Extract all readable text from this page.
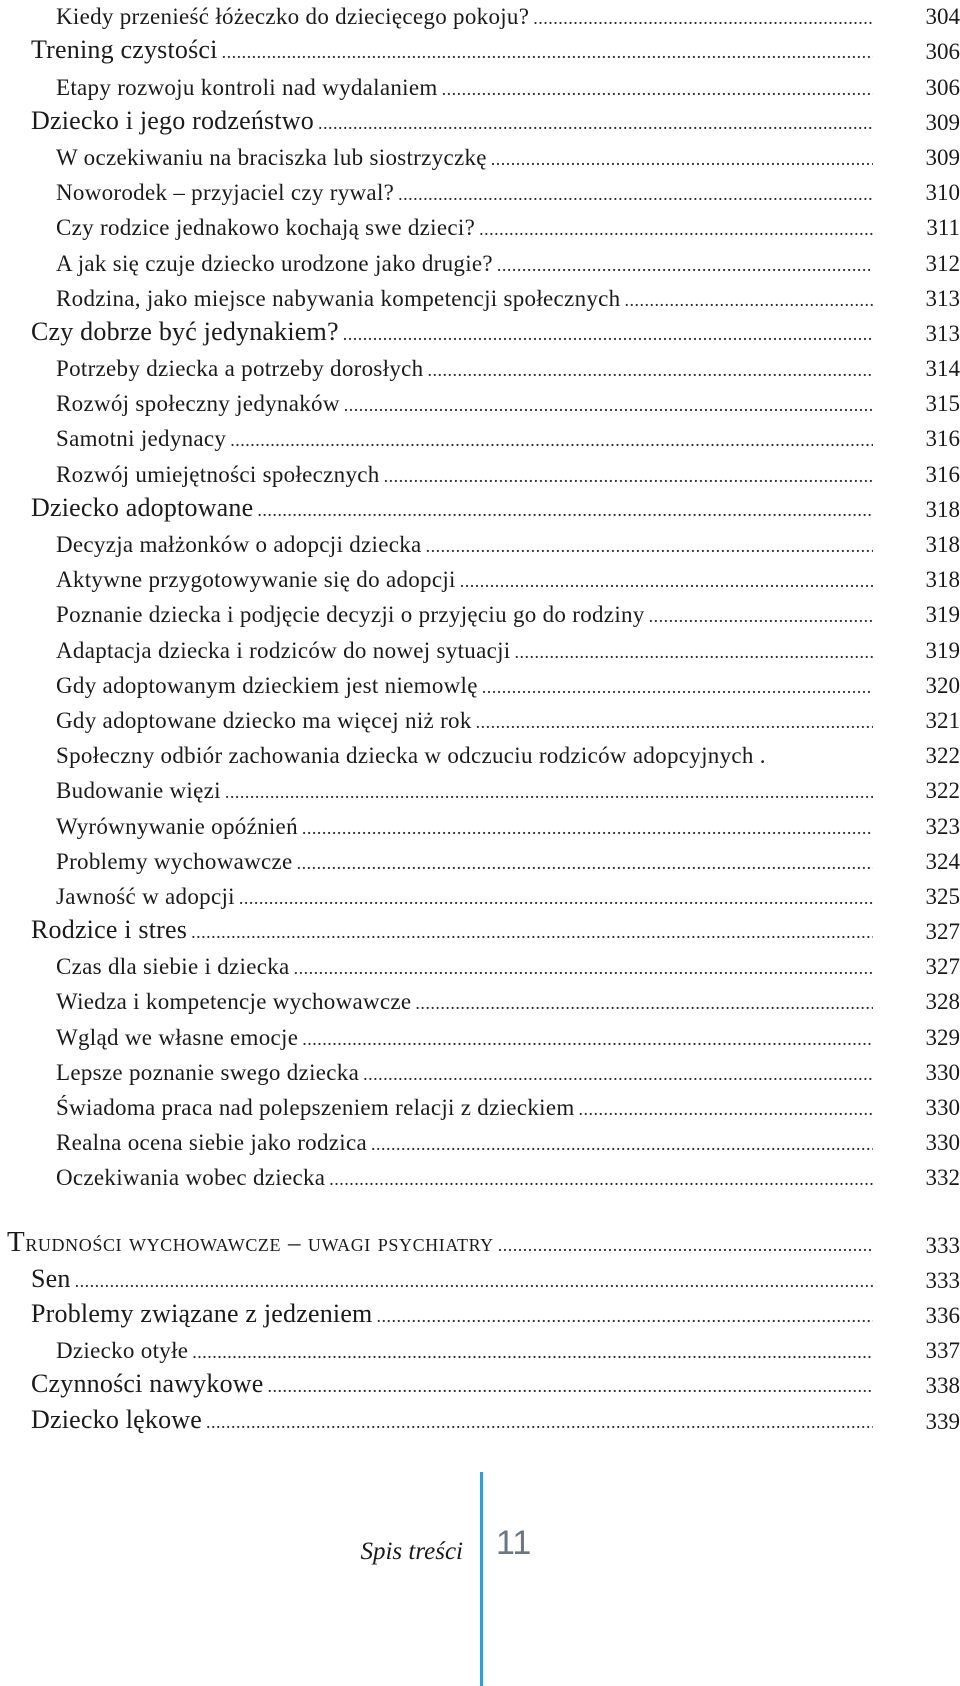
Kiedy przenieść łóżeczko do dziecięcego pokoju? .....	304
Trening czystości .....	306
Etapy rozwoju kontroli nad wydalaniem .....	306
Dziecko i jego rodzeństwo .....	309
W oczekiwaniu na braciszka lub siostrzyczkę .....	309
Noworodek – przyjaciel czy rywal? .....	310
Czy rodzice jednakowo kochają swe dzieci? .....	311
A jak się czuje dziecko urodzone jako drugie? .....	312
Rodzina, jako miejsce nabywania kompetencji społecznych .....	313
Czy dobrze być jedynakiem? .....	313
Potrzeby dziecka a potrzeby dorosłych .....	314
Rozwój społeczny jedynaków .....	315
Samotni jedynacy .....	316
Rozwój umiejętności społecznych .....	316
Dziecko adoptowane .....	318
Decyzja małżonków o adopcji dziecka .....	318
Aktywne przygotowywanie się do adopcji .....	318
Poznanie dziecka i podjęcie decyzji o przyjęciu go do rodziny .....	319
Adaptacja dziecka i rodziców do nowej sytuacji .....	319
Gdy adoptowanym dzieckiem jest niemowlę .....	320
Gdy adoptowane dziecko ma więcej niż rok .....	321
Społeczny odbiór zachowania dziecka w odczuciu rodziców adopcyjnych .	322
Budowanie więzi .....	322
Wyrównywanie opóźnień .....	323
Problemy wychowawcze .....	324
Jawność w adopcji .....	325
Rodzice i stres .....	327
Czas dla siebie i dziecka .....	327
Wiedza i kompetencje wychowawcze .....	328
Wgląd we własne emocje .....	329
Lepsze poznanie swego dziecka .....	330
Świadoma praca nad polepszeniem relacji z dzieckiem .....	330
Realna ocena siebie jako rodzica .....	330
Oczekiwania wobec dziecka .....	332
Trudności wychowawcze – uwagi psychiatry .....	333
Sen .....	333
Problemy związane z jedzeniem .....	336
Dziecko otyłe .....	337
Czynności nawykowe .....	338
Dziecko lękowe .....	339
Spis treści 11
